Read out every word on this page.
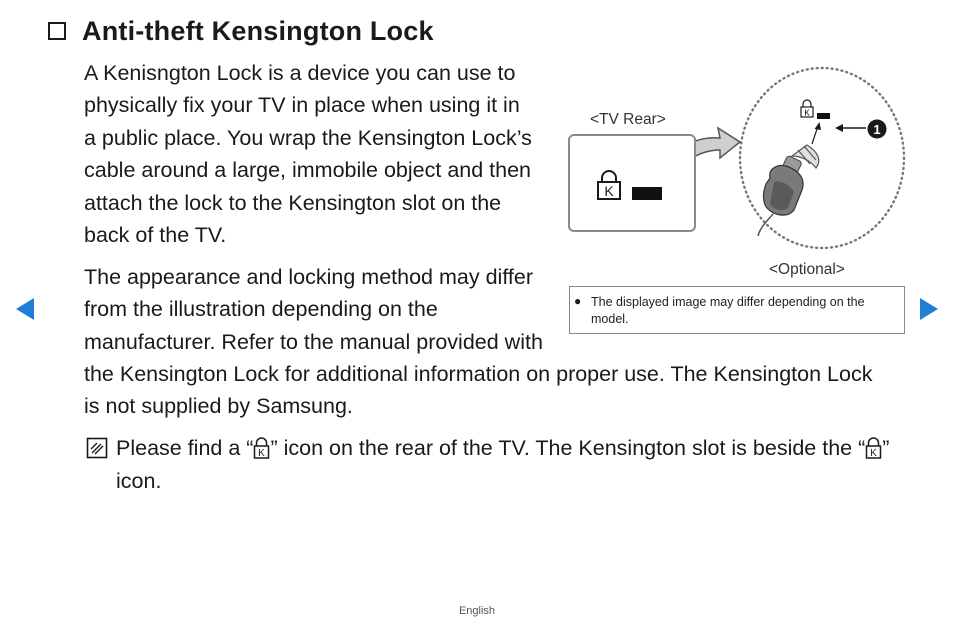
Anti-theft Kensington Lock

A Kenisngton Lock is a device you can use to physically fix your TV in place when using it in a public place. You wrap the Kensington Lock’s cable around a large, immobile object and then attach the lock to the Kensington slot on the back of the TV.

The appearance and locking method may differ from the illustration depending on the manufacturer. Refer to the manual provided with

the Kensington Lock for additional information on proper use. The Kensington Lock is not supplied by Samsung.

Please find a “ K ” icon on the rear of the TV. The Kensington slot is beside the “ K ” icon.
K
1
<TV Rear>
K
<Optional>
● The displayed image may differ depending on the model.
English
